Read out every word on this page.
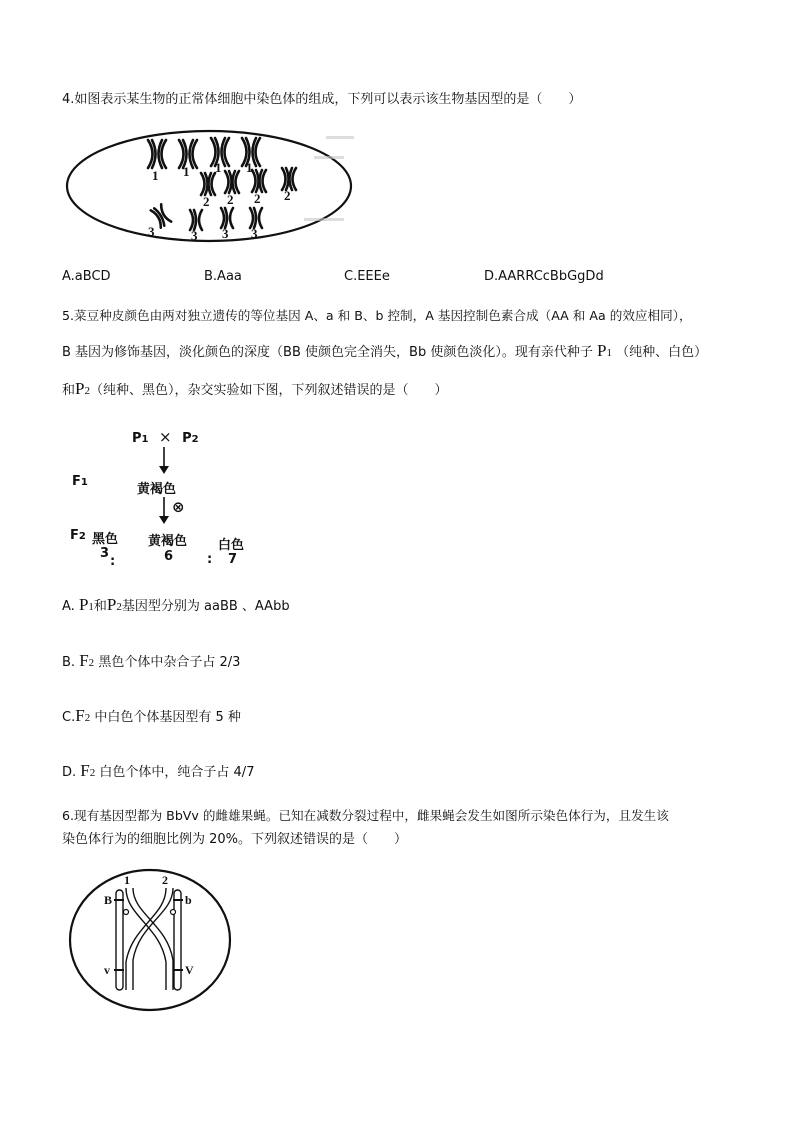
4.如图表示某生物的正常体细胞中染色体的组成，下列可以表示该生物基因型的是（　　）
1 1 1 1
2 2 2 2
3	3 3 3
A.aBCD	B.Aaa	C.EEEe	D.AARRCcBbGgDd
5.菜豆种皮颜色由两对独立遗传的等位基因 A、a 和 B、b 控制，A 基因控制色素合成（AA 和 Aa 的效应相同），
B 基因为修饰基因，淡化颜色的深度（BB 使颜色完全消失，Bb 使颜色淡化）。现有亲代种子 P1 （纯种、白色）
和P2（纯种、黑色），杂交实验如下图，下列叙述错误的是（　　）
P1 × P2
F1	黄褐色
⊗
F2 黑色
3
:
黄褐色
6	:
白色
7
A. P1和P2基因型分别为 aaBB 、AAbb
B. F2 黑色个体中杂合子占 2/3
C.F2 中白色个体基因型有 5 种
D. F2 白色个体中，纯合子占 4/7
6.现有基因型都为 BbVv 的雌雄果蝇。已知在减数分裂过程中，雌果蝇会发生如图所示染色体行为，且发生该
染色体行为的细胞比例为 20%。下列叙述错误的是（　　）
1	2
B	b
v	V
